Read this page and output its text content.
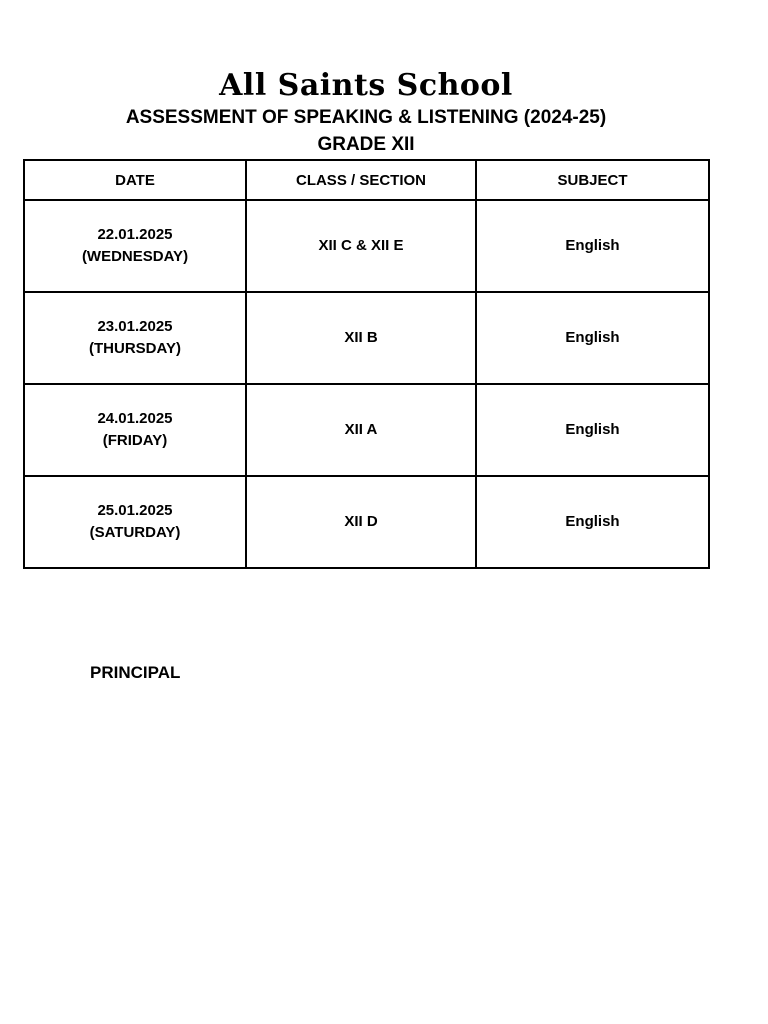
All Saints School
ASSESSMENT OF SPEAKING & LISTENING (2024-25)
GRADE XII
DATE	CLASS / SECTION	SUBJECT

22.01.2025
(WEDNESDAY)	XII C & XII E	English

23.01.2025
(THURSDAY)	XII B	English

24.01.2025
(FRIDAY)	XII A	English

25.01.2025
(SATURDAY)	XII D	English
PRINCIPAL
